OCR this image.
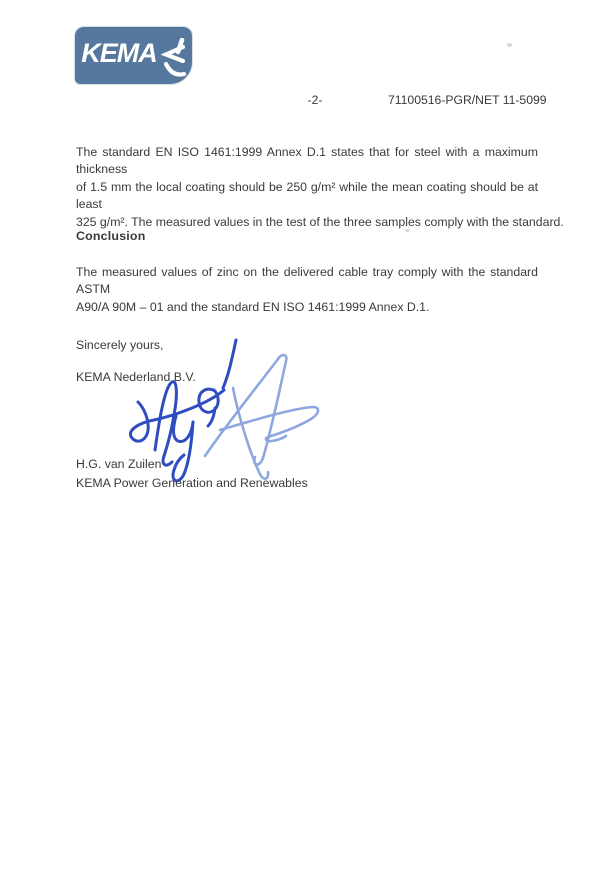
KEMA
-2-	71100516-PGR/NET 11-5099
The standard EN ISO 1461:1999 Annex D.1 states that for steel with a maximum thickness
of 1.5 mm the local coating should be 250 g/m² while the mean coating should be at least
325 g/m². The measured values in the test of the three samples comply with the standard.
Conclusion
The measured values of zinc on the delivered cable tray comply with the standard ASTM
A90/A 90M – 01 and the standard EN ISO 1461:1999 Annex D.1.
Sincerely yours,
KEMA Nederland B.V.
H.G. van Zuilen
KEMA Power Generation and Renewables
